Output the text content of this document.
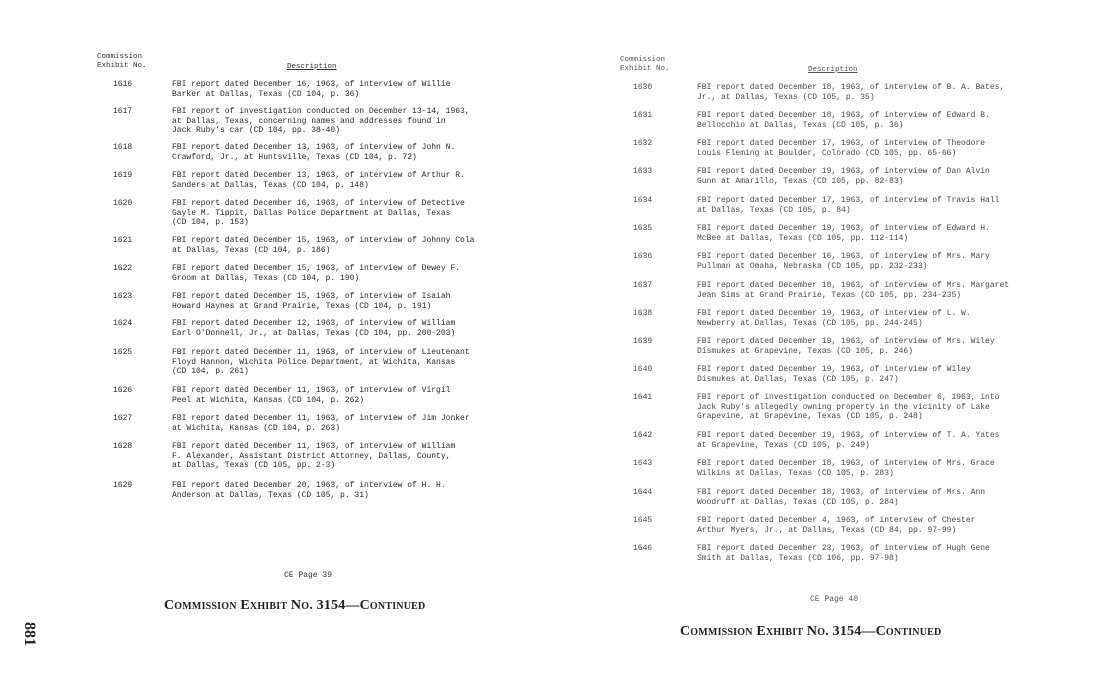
Commission
Exhibit No.	Description
1616	FBI report dated December 16, 1963, of interview of Willie
Barker at Dallas, Texas (CD 104, p. 36)
1617	FBI report of investigation conducted on December 13-14, 1963,
at Dallas, Texas, concerning names and addresses found in
Jack Ruby's car (CD 104, pp. 38-40)
1618	FBI report dated December 13, 1963, of interview of John N.
Crawford, Jr., at Huntsville, Texas (CD 104, p. 72)
1619	FBI report dated December 13, 1963, of interview of Arthur R.
Sanders at Dallas, Texas (CD 104, p. 148)
1620	FBI report dated December 16, 1963, of interview of Detective
Gayle M. Tippit, Dallas Police Department at Dallas, Texas
(CD 104, p. 153)
1621	FBI report dated December 15, 1963, of interview of Johnny Cola
at Dallas, Texas (CD 104, p. 186)
1622	FBI report dated December 15, 1963, of interview of Dewey F.
Groom at Dallas, Texas (CD 104, p. 190)
1623	FBI report dated December 15, 1963, of interview of Isaiah
Howard Haynes at Grand Prairie, Texas (CD 104, p. 191)
1624	FBI report dated December 12, 1963, of interview of William
Earl O'Donnell, Jr., at Dallas, Texas (CD 104, pp. 200-203)
1625	FBI report dated December 11, 1963, of interview of Lieutenant
Floyd Hannon, Wichita Police Department, at Wichita, Kansas
(CD 104, p. 261)
1626	FBI report dated December 11, 1963, of interview of Virgil
Peel at Wichita, Kansas (CD 104, p. 262)
1627	FBI report dated December 11, 1963, of interview of Jim Jonker
at Wichita, Kansas (CD 104, p. 263)
1628	FBI report dated December 11, 1963, of interview of William
F. Alexander, Assistant District Attorney, Dallas, County,
at Dallas, Texas (CD 105, pp. 2-3)
1629	FBI report dated December 20, 1963, of interview of H. H.
Anderson at Dallas, Texas (CD 105, p. 31)
CE Page 39
Commission Exhibit No. 3154—Continued
881
Commission
Exhibit No.	Description
1630	FBI report dated December 18, 1963, of interview of B. A. Bates,
Jr., at Dallas, Texas (CD 105, p. 35)
1631	FBI report dated December 18, 1963, of interview of Edward B.
Bellocchio at Dallas, Texas (CD 105, p. 36)
1632	FBI report dated December 17, 1963, of interview of Theodore
Louis Fleming at Boulder, Colorado (CD 105, pp. 65-66)
1633	FBI report dated December 19, 1963, of interview of Dan Alvin
Gunn at Amarillo, Texas (CD 105, pp. 82-83)
1634	FBI report dated December 17, 1963, of interview of Travis Hall
at Dallas, Texas (CD 105, p. 84)
1635	FBI report dated December 19, 1963, of interview of Edward H.
McBee at Dallas, Texas (CD 105, pp. 112-114)
1636	FBI report dated December 16, 1963, of interview of Mrs. Mary
Pullman at Omaha, Nebraska (CD 105, pp. 232-233)
1637	FBI report dated December 18, 1963, of interview of Mrs. Margaret
Jean Sims at Grand Prairie, Texas (CD 105, pp. 234-235)
1638	FBI report dated December 19, 1963, of interview of L. W.
Newberry at Dallas, Texas (CD 105, pp. 244-245)
1639	FBI report dated December 19, 1963, of interview of Mrs. Wiley
Dismukes at Grapevine, Texas (CD 105, p. 246)
1640	FBI report dated December 19, 1963, of interview of Wiley
Dismukes at Dallas, Texas (CD 105, p. 247)
1641	FBI report of investigation conducted on December 6, 1963, into
Jack Ruby's allegedly owning property in the vicinity of Lake
Grapevine, at Grapevine, Texas (CD 105, p. 248)
1642	FBI report dated December 19, 1963, of interview of T. A. Yates
at Grapevine, Texas (CD 105, p. 249)
1643	FBI report dated December 18, 1963, of interview of Mrs. Grace
Wilkins at Dallas, Texas (CD 105, p. 283)
1644	FBI report dated December 18, 1963, of interview of Mrs. Ann
Woodruff at Dallas, Texas (CD 105, p. 284)
1645	FBI report dated December 4, 1963, of interview of Chester
Arthur Myers, Jr., at Dallas, Texas (CD 84, pp. 97-99)
1646	FBI report dated December 23, 1963, of interview of Hugh Gene
Smith at Dallas, Texas (CD 106, pp. 97-98)
CE Page 40
Commission Exhibit No. 3154—Continued
